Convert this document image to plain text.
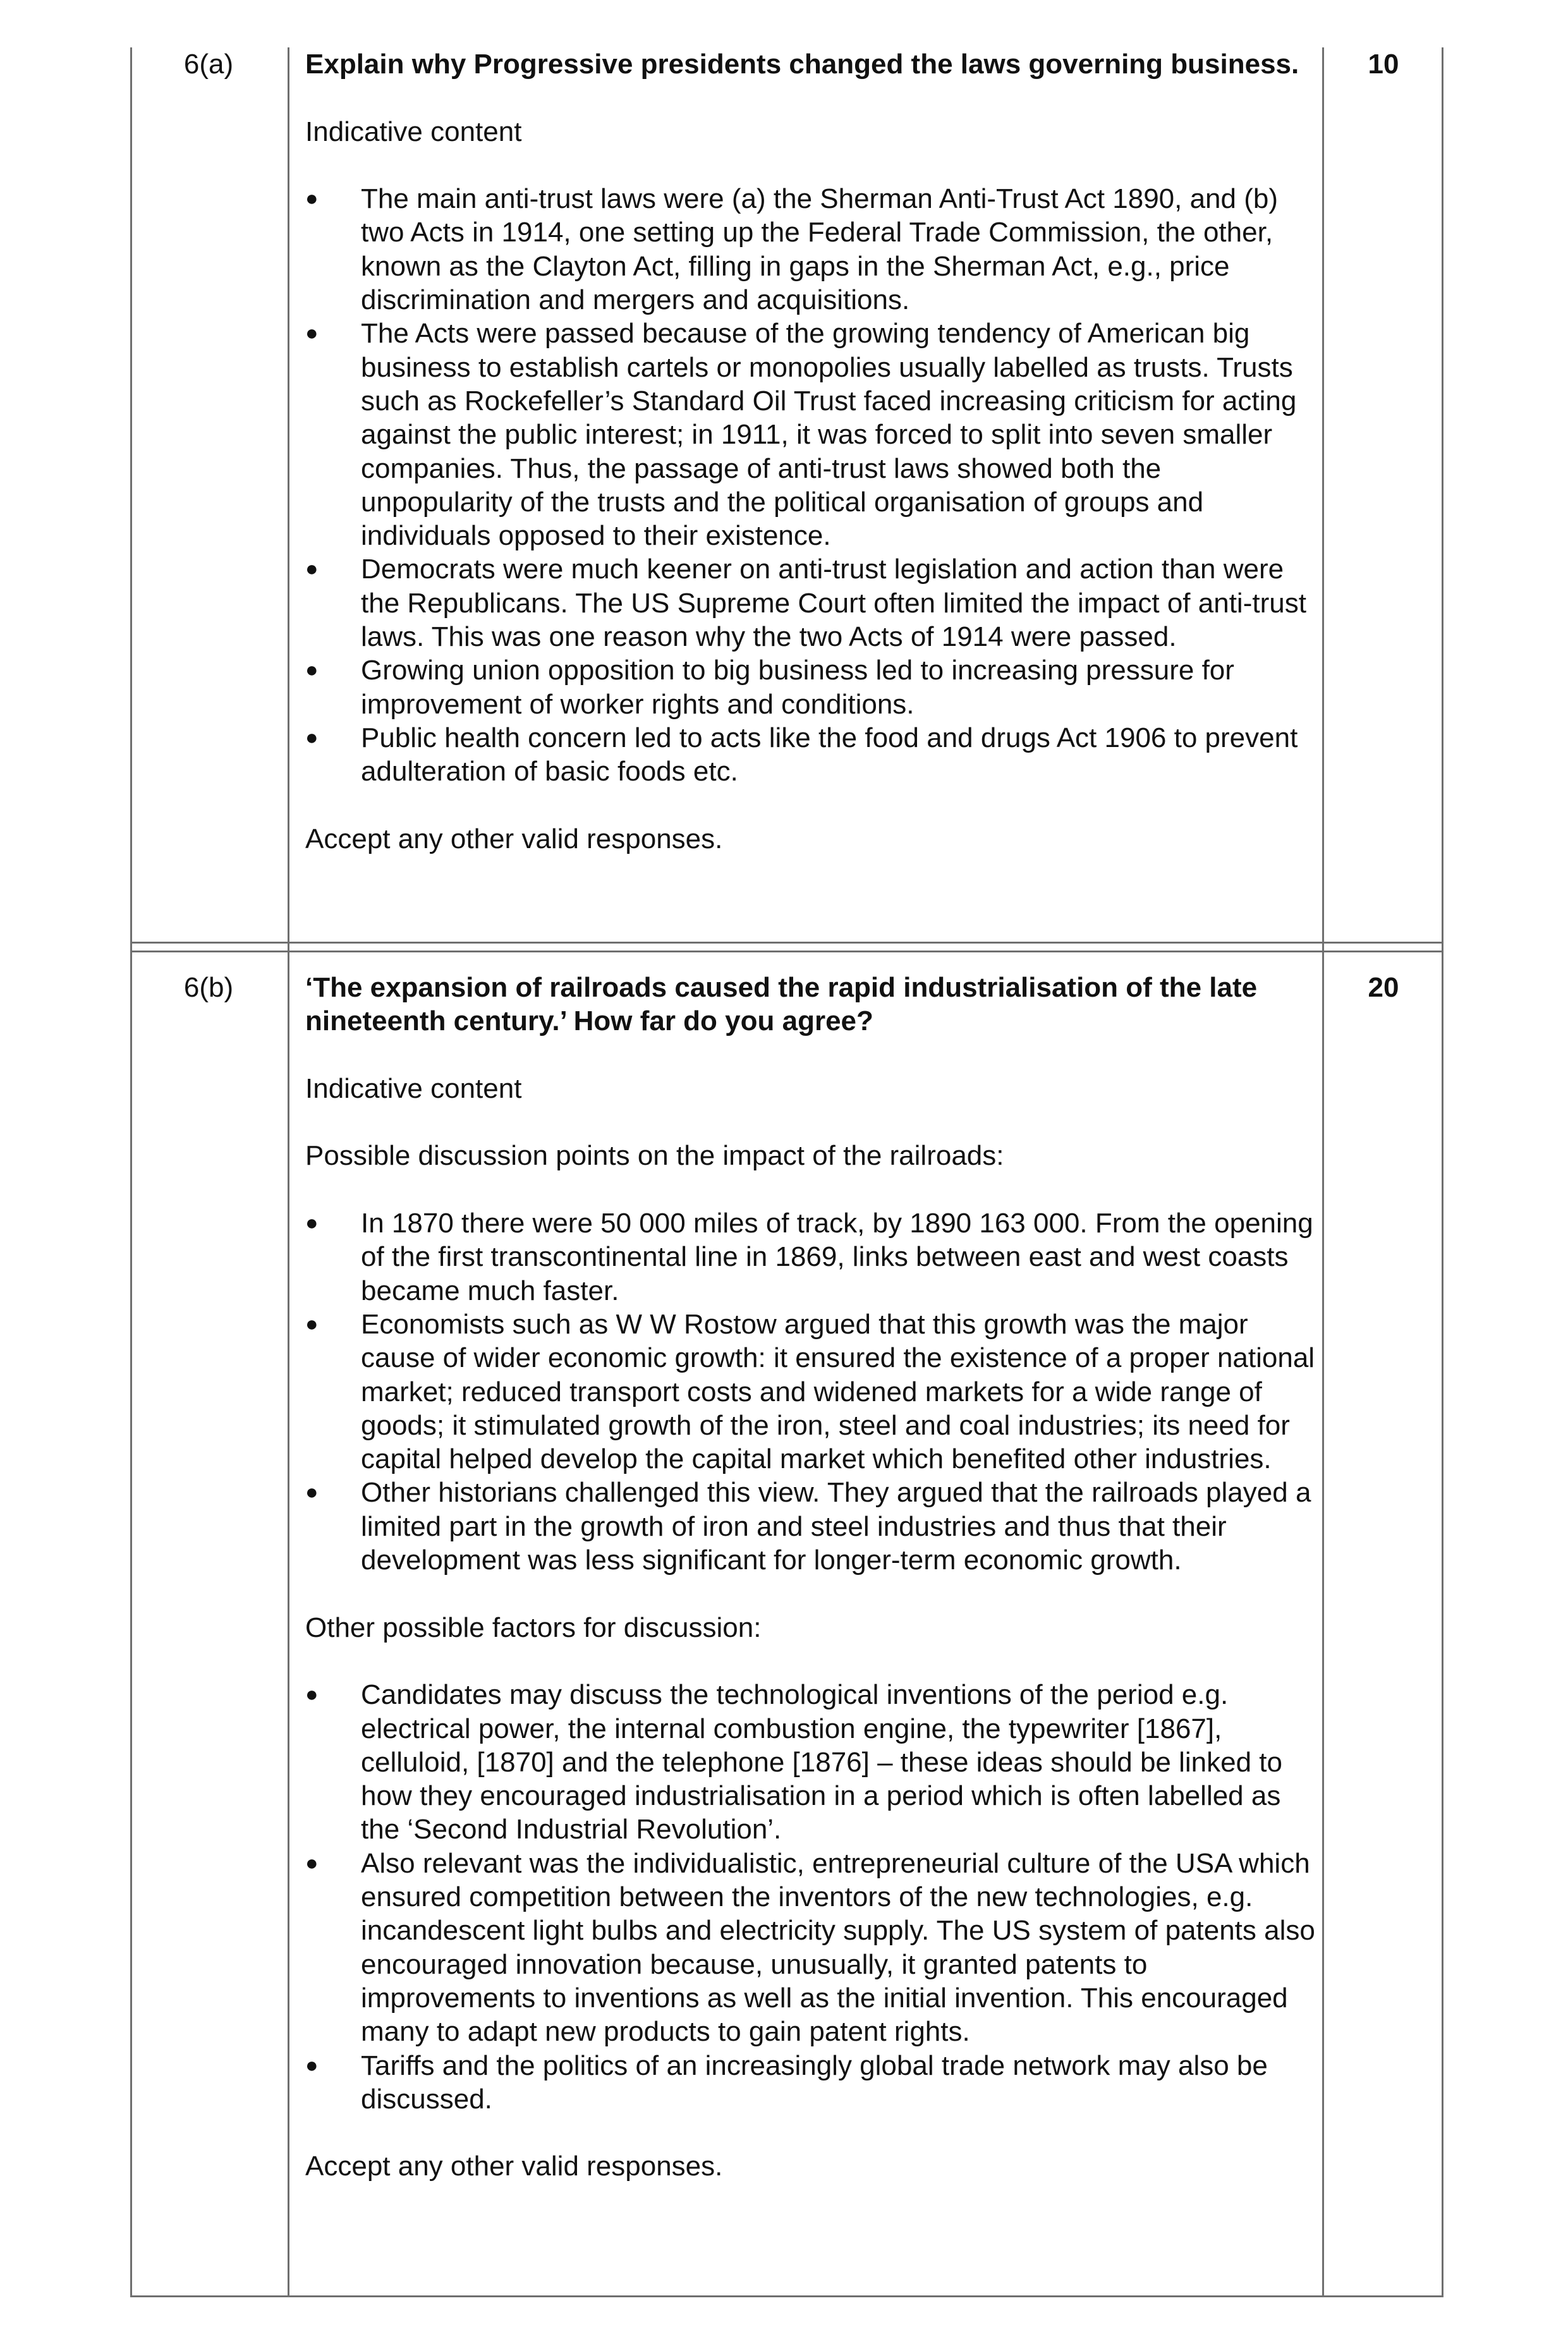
6(a)	10

Explain why Progressive presidents changed the laws governing business.

Indicative content

● The main anti-trust laws were (a) the Sherman Anti-Trust Act 1890, and (b) two Acts in 1914, one setting up the Federal Trade Commission, the other, known as the Clayton Act, filling in gaps in the Sherman Act, e.g., price discrimination and mergers and acquisitions.
● The Acts were passed because of the growing tendency of American big business to establish cartels or monopolies usually labelled as trusts. Trusts such as Rockefeller’s Standard Oil Trust faced increasing criticism for acting against the public interest; in 1911, it was forced to split into seven smaller companies. Thus, the passage of anti-trust laws showed both the unpopularity of the trusts and the political organisation of groups and individuals opposed to their existence.
● Democrats were much keener on anti-trust legislation and action than were the Republicans. The US Supreme Court often limited the impact of anti-trust laws. This was one reason why the two Acts of 1914 were passed.
● Growing union opposition to big business led to increasing pressure for improvement of worker rights and conditions.
● Public health concern led to acts like the food and drugs Act 1906 to prevent adulteration of basic foods etc.

Accept any other valid responses.

6(b)	20

‘The expansion of railroads caused the rapid industrialisation of the late nineteenth century.’ How far do you agree?

Indicative content

Possible discussion points on the impact of the railroads:

● In 1870 there were 50 000 miles of track, by 1890 163 000. From the opening of the first transcontinental line in 1869, links between east and west coasts became much faster.
● Economists such as W W Rostow argued that this growth was the major cause of wider economic growth: it ensured the existence of a proper national market; reduced transport costs and widened markets for a wide range of goods; it stimulated growth of the iron, steel and coal industries; its need for capital helped develop the capital market which benefited other industries.
● Other historians challenged this view. They argued that the railroads played a limited part in the growth of iron and steel industries and thus that their development was less significant for longer-term economic growth.

Other possible factors for discussion:

● Candidates may discuss the technological inventions of the period e.g. electrical power, the internal combustion engine, the typewriter [1867], celluloid, [1870] and the telephone [1876] – these ideas should be linked to how they encouraged industrialisation in a period which is often labelled as the ‘Second Industrial Revolution’.
● Also relevant was the individualistic, entrepreneurial culture of the USA which ensured competition between the inventors of the new technologies, e.g. incandescent light bulbs and electricity supply. The US system of patents also encouraged innovation because, unusually, it granted patents to improvements to inventions as well as the initial invention. This encouraged many to adapt new products to gain patent rights.
● Tariffs and the politics of an increasingly global trade network may also be discussed.

Accept any other valid responses.
